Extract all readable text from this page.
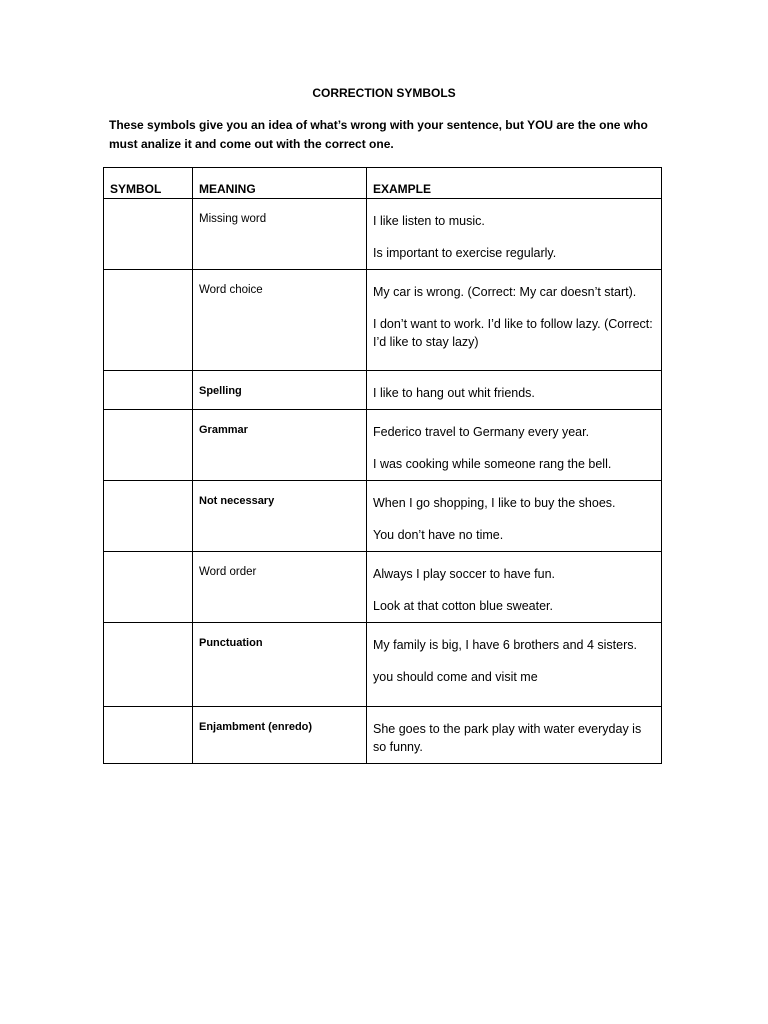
CORRECTION SYMBOLS
These symbols give you an idea of what’s wrong with your sentence, but YOU are the one who must analize it and come out with the correct one.
SYMBOL	MEANING	EXAMPLE

	Missing word	I like listen to music.
Is important to exercise regularly.

	Word choice	My car is wrong. (Correct: My car doesn’t start).
I don’t want to work. I’d like to follow lazy. (Correct: I’d like to stay lazy)

	Spelling	I like to hang out whit friends.

	Grammar	Federico travel to Germany every year.
I was cooking while someone rang the bell.

	Not necessary	When I go shopping, I like to buy the shoes.
You don’t have no time.

	Word order	Always I play soccer to have fun.
Look at that cotton blue sweater.

	Punctuation	My family is big, I have 6 brothers and 4 sisters.
you should come and visit me

	Enjambment (enredo)	She goes to the park play with water everyday is so funny.
